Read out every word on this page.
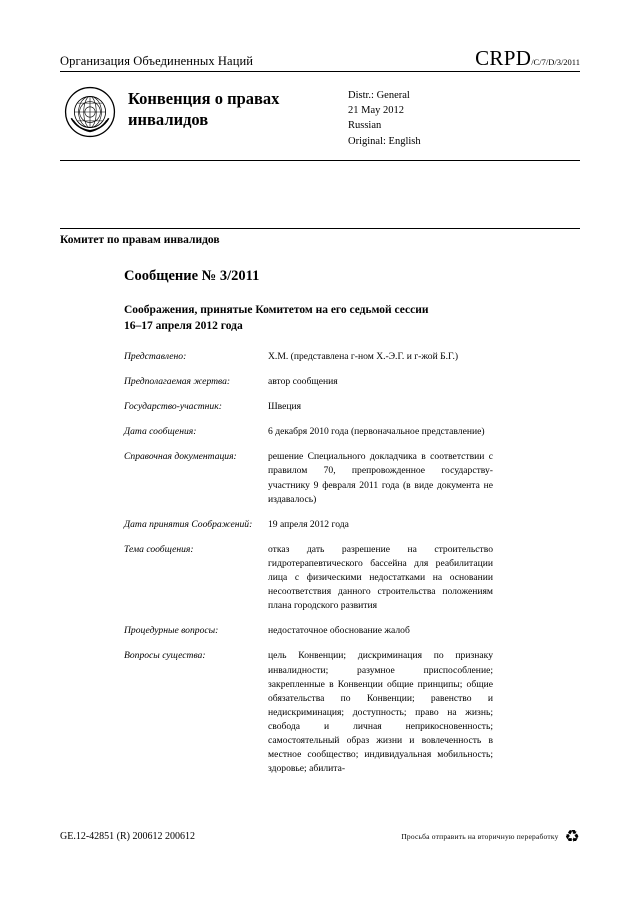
Организация Объединенных Наций	CRPD/C/7/D/3/2011
Конвенция о правах инвалидов
Distr.: General
21 May 2012
Russian
Original: English
Комитет по правам инвалидов
Сообщение № 3/2011
Соображения, принятые Комитетом на его седьмой сессии
16–17 апреля 2012 года
Представлено:	Х.М. (представлена г-ном Х.-Э.Г. и г-жой Б.Г.)
Предполагаемая жертва:	автор сообщения
Государство-участник:	Швеция
Дата сообщения:	6 декабря 2010 года (первоначальное представление)
Справочная документация:	решение Специального докладчика в соответствии с правилом 70, препровожденное государству-участнику 9 февраля 2011 года (в виде документа не издавалось)
Дата принятия Соображений:	19 апреля 2012 года
Тема сообщения:	отказ дать разрешение на строительство гидротерапевтического бассейна для реабилитации лица с физическими недостатками на основании несоответствия данного строительства положениям плана городского развития
Процедурные вопросы:	недостаточное обоснование жалоб
Вопросы существа:	цель Конвенции; дискриминация по признаку инвалидности; разумное приспособление; закрепленные в Конвенции общие принципы; общие обязательства по Конвенции; равенство и недискриминация; доступность; право на жизнь; свобода и личная неприкосновенность; самостоятельный образ жизни и вовлеченность в местное сообщество; индивидуальная мобильность; здоровье; абилита-
GE.12-42851 (R) 200612 200612	Просьба отправить на вторичную переработку ♻
